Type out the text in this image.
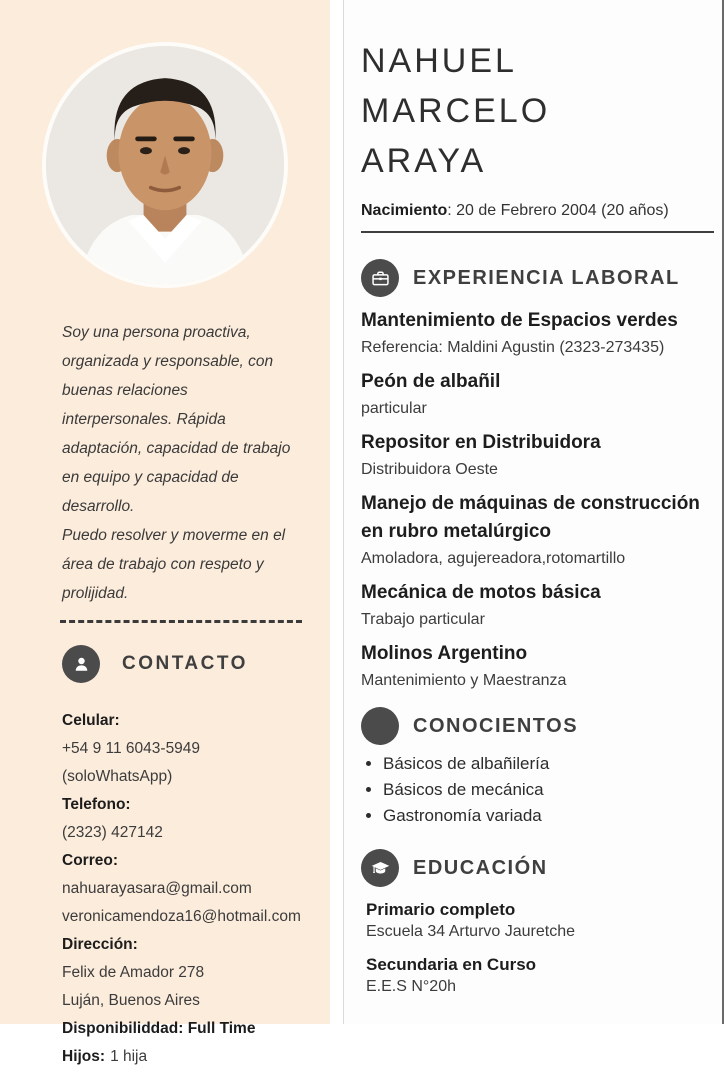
Soy una persona proactiva, organizada y responsable, con buenas relaciones interpersonales. Rápida adaptación, capacidad de trabajo en equipo y capacidad de desarrollo.

Puedo resolver y moverme en el área de trabajo con respeto y prolijidad.

CONTACTO
Celular:
+54 9 11 6043-5949 (soloWhatsApp)
Telefono:
(2323) 427142
Correo:
nahuarayasara@gmail.com
veronicamendoza16@hotmail.com
Dirección:
Felix de Amador 278
Luján, Buenos Aires
Disponibiliddad: Full Time
Hijos: 1 hija
NAHUEL
MARCELO
ARAYA
Nacimiento: 20 de Febrero 2004 (20 años)
EXPERIENCIA LABORAL
Mantenimiento de Espacios verdes
Referencia: Maldini Agustin (2323-273435)
Peón de albañil
particular
Repositor en Distribuidora
Distribuidora Oeste
Manejo de máquinas de construcción en rubro metalúrgico
Amoladora, agujereadora,rotomartillo
Mecánica de motos básica
Trabajo particular
Molinos Argentino
Mantenimiento y Maestranza
CONOCIENTOS
• Básicos de albañilería
• Básicos de mecánica
• Gastronomía variada
EDUCACIÓN
Primario completo
Escuela 34 Arturvo Jauretche
Secundaria en Curso
E.E.S N°20h
